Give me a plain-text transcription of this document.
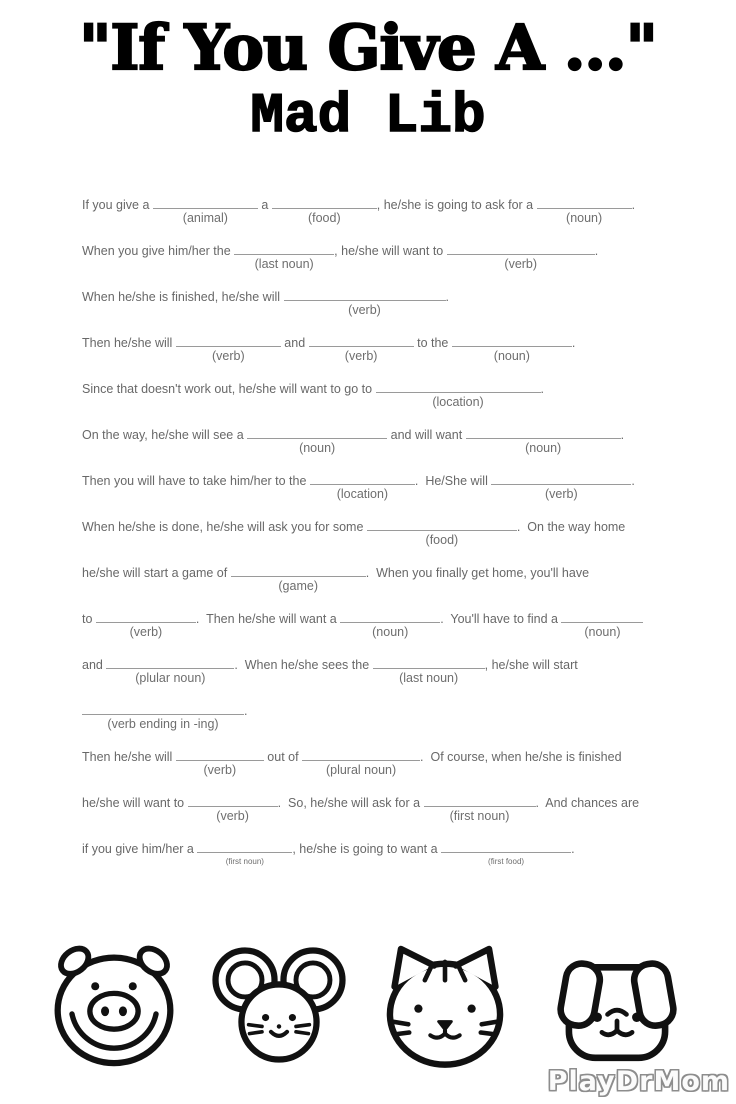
"If You Give A ..."
Mad Lib
If you give a
(animal)
a
(food)
, he/she is going to ask for a
(noun)
.
When you give him/her the
(last noun)
, he/she will want to
(verb)
.
When he/she is finished, he/she will
(verb)
.
Then he/she will
(verb)
and
(verb)
to the
(noun)
.
Since that doesn't work out, he/she will want to go to
(location)
.
On the way, he/she will see a
(noun)
and will want
(noun)
.
Then you will have to take him/her to the
(location)
.  He/She will
(verb)
.
When he/she is done, he/she will ask you for some
(food)
.  On the way home
he/she will start a game of
(game)
.  When you finally get home, you'll have
to
(verb)
.  Then he/she will want a
(noun)
.  You'll have to find a
(noun)
and
(plular noun)
.  When he/she sees the
(last noun)
, he/she will start
(verb ending in -ing)
.
Then he/she will
(verb)
out of
(plural noun)
.  Of course, when he/she is finished
he/she will want to
(verb)
.  So, he/she will ask for a
(first noun)
.  And chances are
if you give him/her a
(first noun)
, he/she is going to want a
(first food)
.
PlayDrMom
